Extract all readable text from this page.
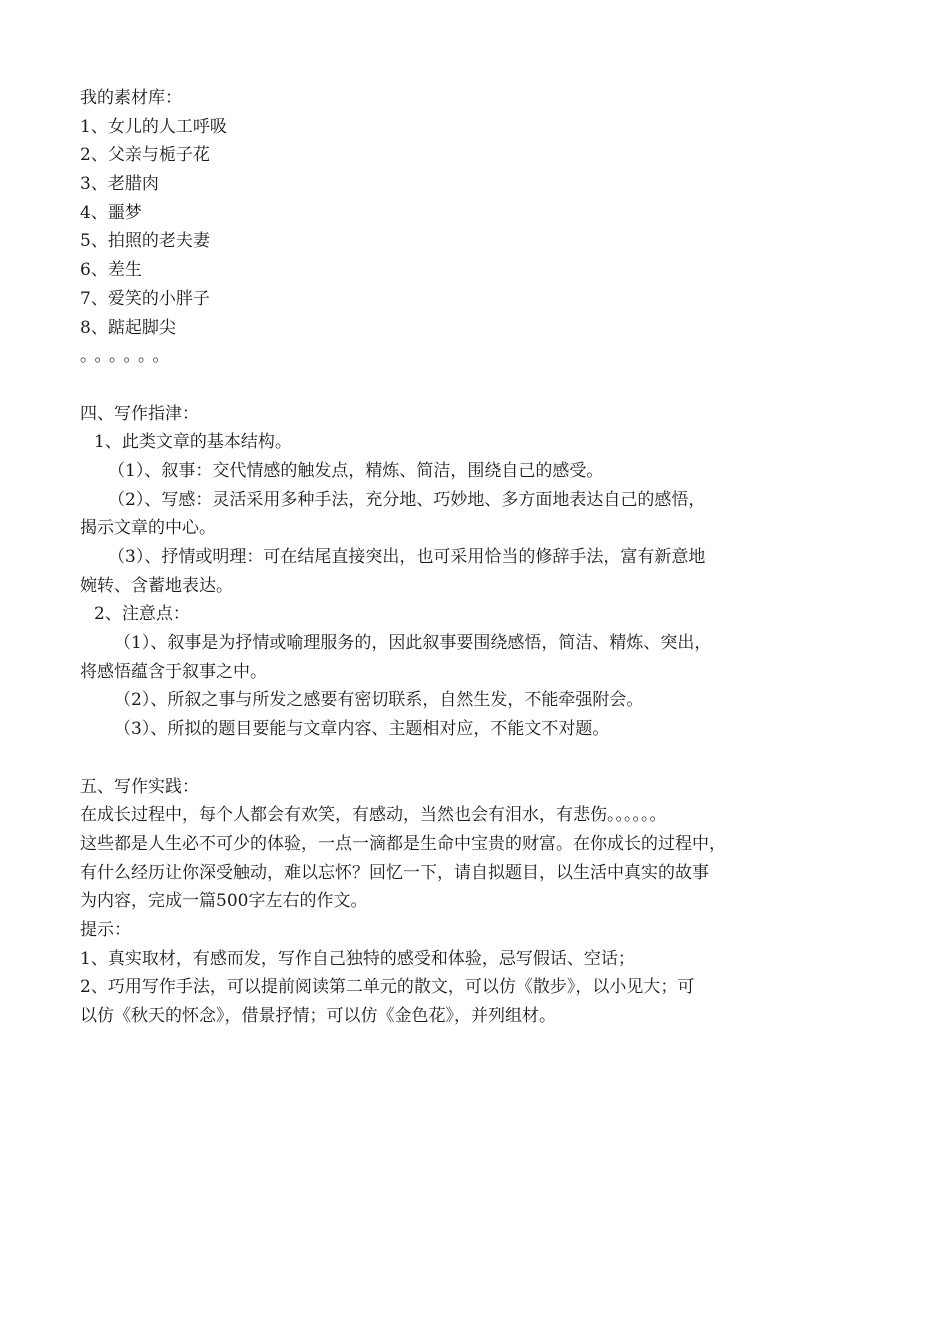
我的素材库：
1、女儿的人工呼吸
2、父亲与栀子花
3、老腊肉
4、噩梦
5、拍照的老夫妻
6、差生
7、爱笑的小胖子
8、踮起脚尖
。。。。。。
四、写作指津：
1、此类文章的基本结构。
（1）、叙事：交代情感的触发点，精炼、简洁，围绕自己的感受。
（2）、写感：灵活采用多种手法，充分地、巧妙地、多方面地表达自己的感悟，
揭示文章的中心。
（3）、抒情或明理：可在结尾直接突出，也可采用恰当的修辞手法，富有新意地
婉转、含蓄地表达。
2、注意点：
（1）、叙事是为抒情或喻理服务的，因此叙事要围绕感悟，简洁、精炼、突出，
将感悟蕴含于叙事之中。
（2）、所叙之事与所发之感要有密切联系，自然生发，不能牵强附会。
（3）、所拟的题目要能与文章内容、主题相对应，不能文不对题。
五、写作实践：
在成长过程中，每个人都会有欢笑，有感动，当然也会有泪水，有悲伤。。。。。。
这些都是人生必不可少的体验，一点一滴都是生命中宝贵的财富。在你成长的过程中，
有什么经历让你深受触动，难以忘怀？回忆一下，请自拟题目，以生活中真实的故事
为内容，完成一篇500字左右的作文。
提示：
1、真实取材，有感而发，写作自己独特的感受和体验，忌写假话、空话；
2、巧用写作手法，可以提前阅读第二单元的散文，可以仿《散步》，以小见大；可
以仿《秋天的怀念》，借景抒情；可以仿《金色花》，并列组材。
